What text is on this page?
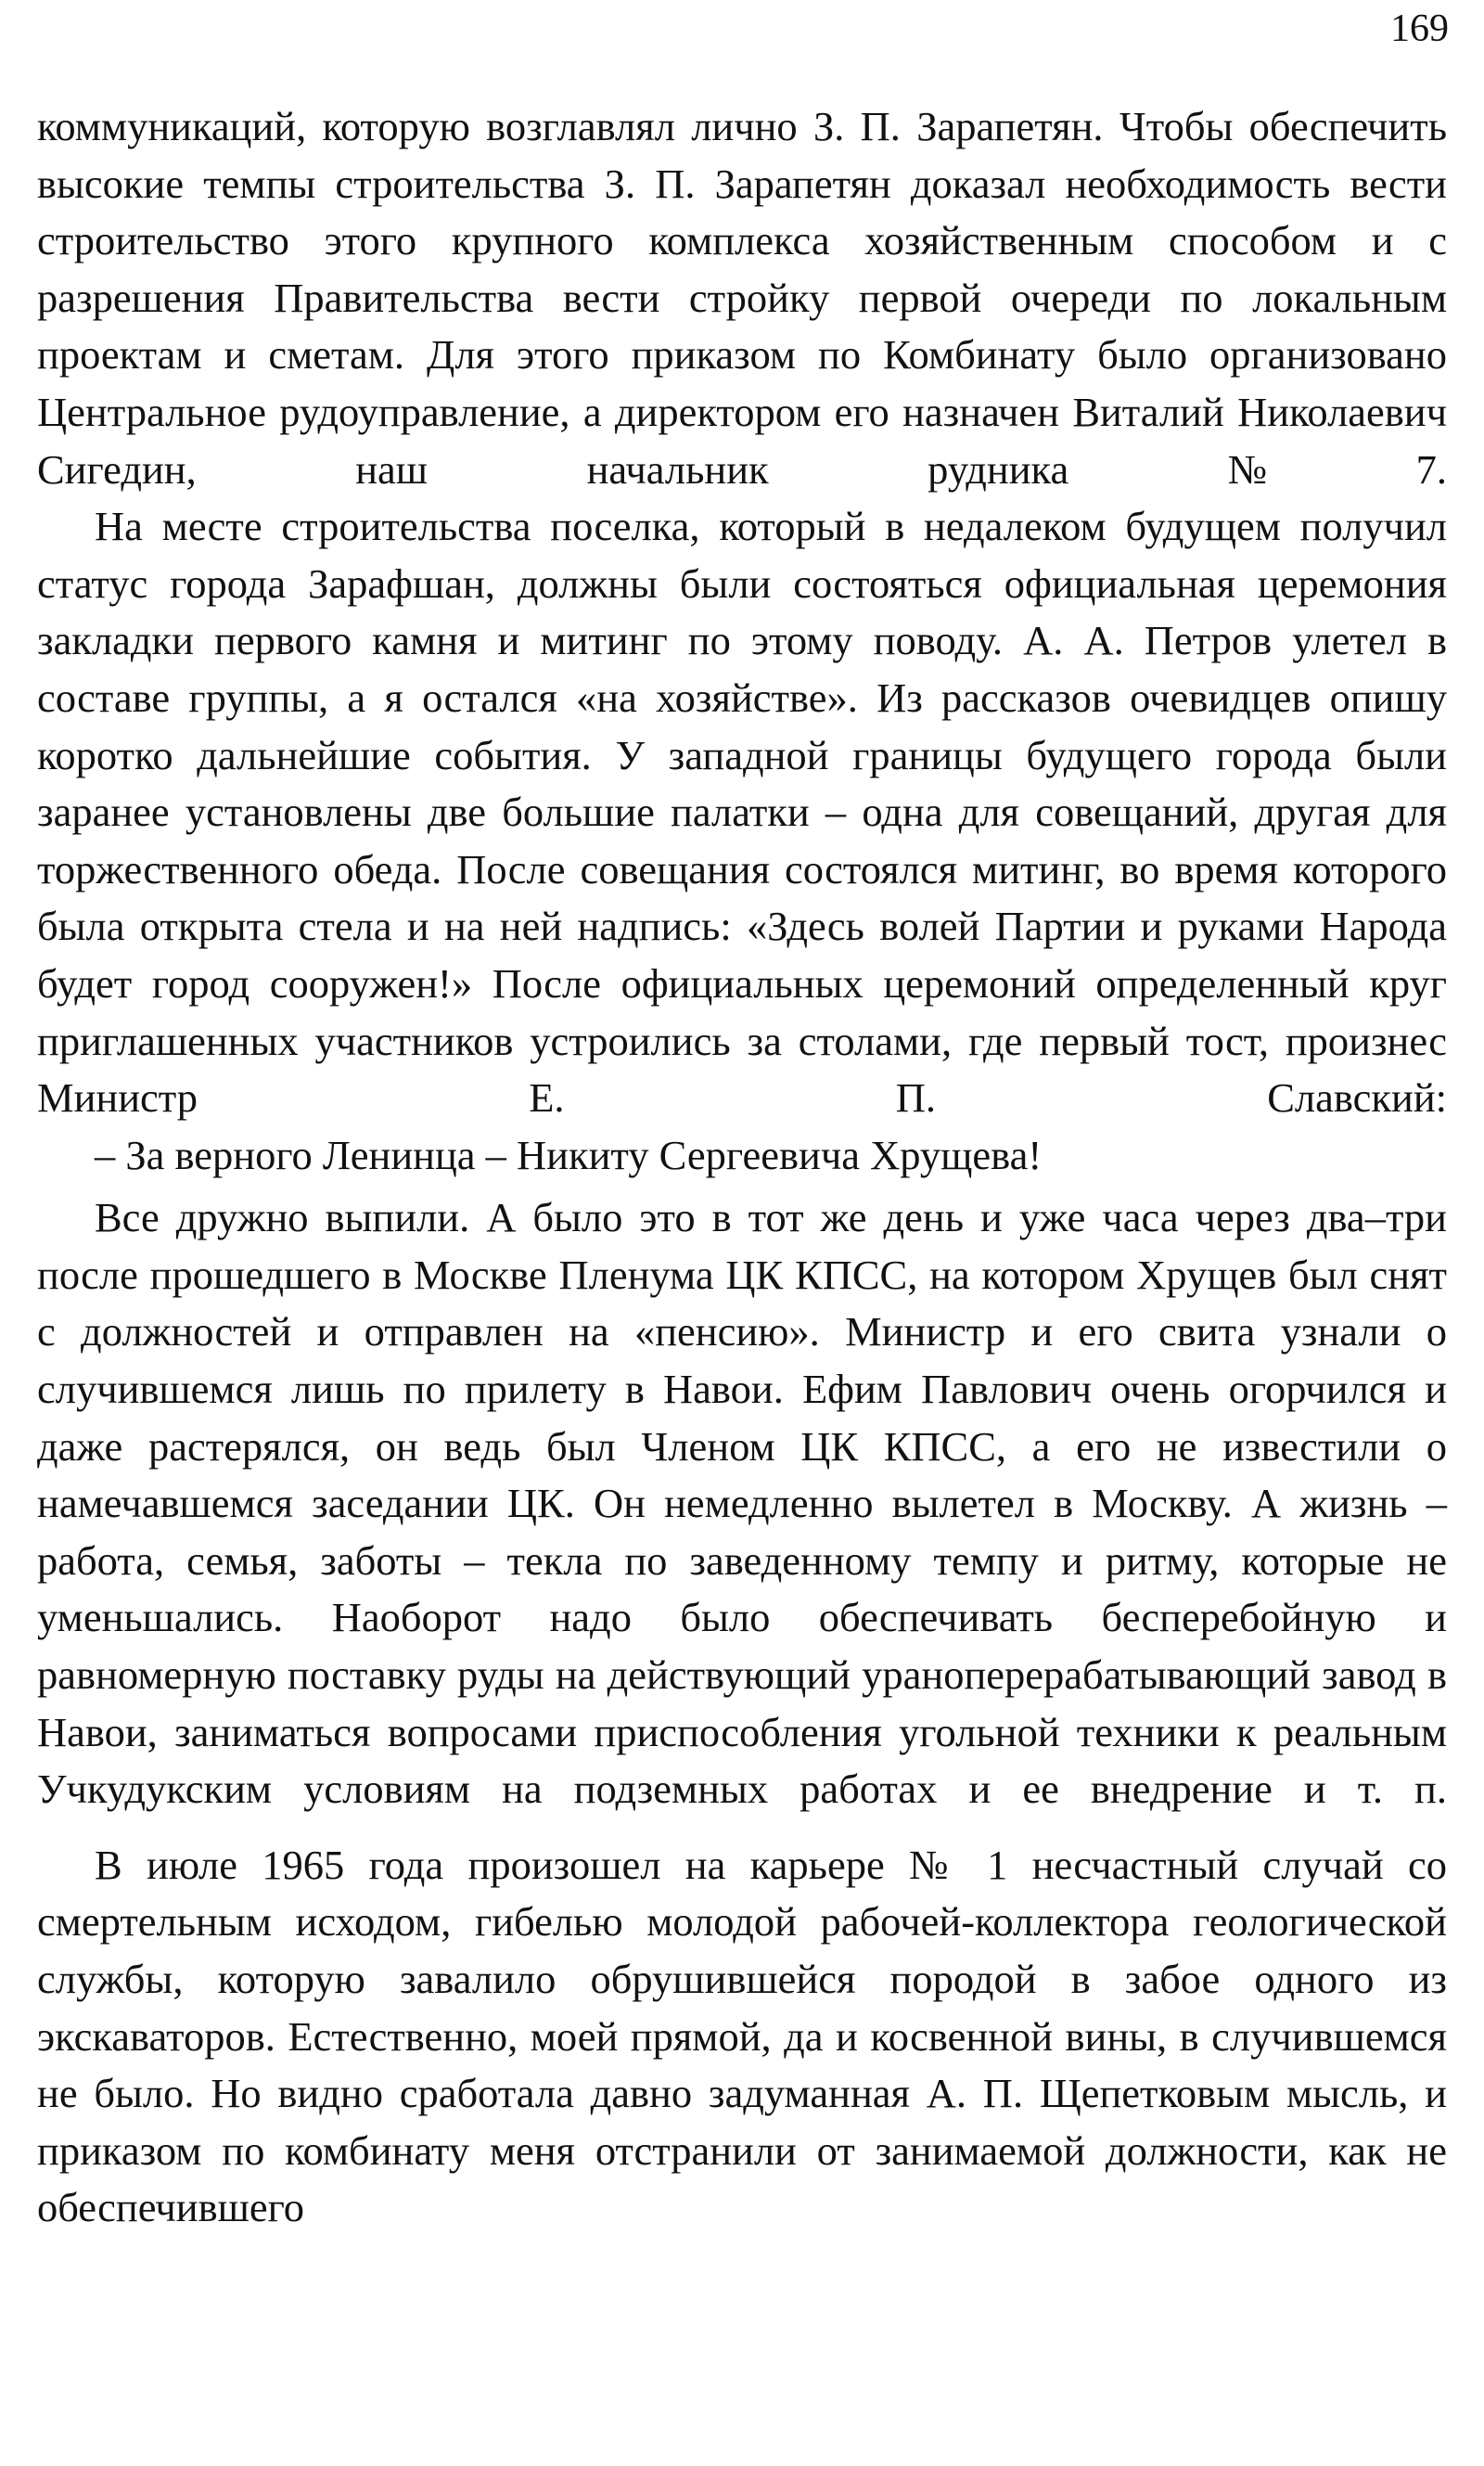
169

коммуникаций, которую возглавлял лично З. П. Зарапетян. Чтобы обеспечить высокие темпы строительства З. П. Зарапетян доказал необходимость вести строительство этого крупного комплекса хозяйственным способом и с разрешения Правительства вести стройку первой очереди по локальным проектам и сметам. Для этого приказом по Комбинату было организовано Центральное рудоуправление, а директором его назначен Виталий Николаевич Сигедин, наш начальник рудника №7.

На месте строительства поселка, который в недалеком будущем получил статус города Зарафшан, должны были состояться официальная церемония закладки первого камня и митинг по этому поводу. А. А. Петров улетел в составе группы, а я остался «на хозяйстве». Из рассказов очевидцев опишу коротко дальнейшие события. У западной границы будущего города были заранее установлены две большие палатки – одна для совещаний, другая для торжественного обеда. После совещания состоялся митинг, во время которого была открыта стела и на ней надпись: «Здесь волей Партии и руками Народа будет город сооружен!» После официальных церемоний определенный круг приглашенных участников устроились за столами, где первый тост, произнес Министр Е. П. Славский:

– За верного Ленинца – Никиту Сергеевича Хрущева!

Все дружно выпили. А было это в тот же день и уже часа через два–три после прошедшего в Москве Пленума ЦК КПСС, на котором Хрущев был снят с должностей и отправлен на «пенсию». Министр и его свита узнали о случившемся лишь по прилету в Навои. Ефим Павлович очень огорчился и даже растерялся, он ведь был Членом ЦК КПСС, а его не известили о намечавшемся заседании ЦК. Он немедленно вылетел в Москву. А жизнь – работа, семья, заботы – текла по заведенному темпу и ритму, которые не уменьшались. Наоборот надо было обеспечивать бесперебойную и равномерную поставку руды на действующий уранoперерабатывающий завод в Навои, заниматься вопросами приспособления угольной техники к реальным Учкудукским условиям на подземных работах и ее внедрение и т. п.

В июле 1965 года произошел на карьере № 1 несчастный случай со смертельным исходом, гибелью молодой рабочей-коллектора геологической службы, которую завалило обрушившейся породой в забое одного из экскаваторов. Естественно, моей прямой, да и косвенной вины, в случившемся не было. Но видно сработала давно задуманная А. П. Щепетковым мысль, и приказом по комбинату меня отстранили от занимаемой должности, как не обеспечившего
